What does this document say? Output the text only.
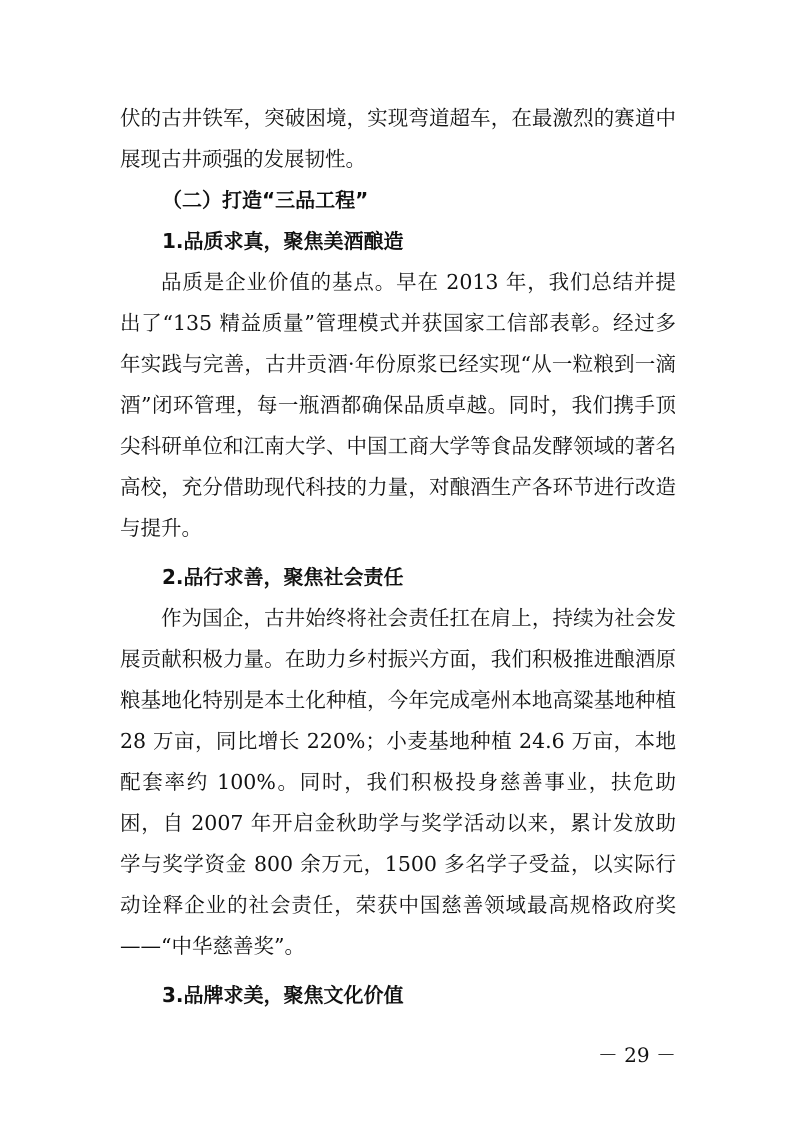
伏的古井铁军，突破困境，实现弯道超车，在最激烈的赛道中展现古井顽强的发展韧性。

（二）打造“三品工程”

1.品质求真，聚焦美酒酿造

品质是企业价值的基点。早在 2013 年，我们总结并提出了“135 精益质量”管理模式并获国家工信部表彰。经过多年实践与完善，古井贡酒·年份原浆已经实现“从一粒粮到一滴酒”闭环管理，每一瓶酒都确保品质卓越。同时，我们携手顶尖科研单位和江南大学、中国工商大学等食品发酵领域的著名高校，充分借助现代科技的力量，对酿酒生产各环节进行改造与提升。

2.品行求善，聚焦社会责任

作为国企，古井始终将社会责任扛在肩上，持续为社会发展贡献积极力量。在助力乡村振兴方面，我们积极推进酿酒原粮基地化特别是本土化种植，今年完成亳州本地高粱基地种植 28 万亩，同比增长 220%；小麦基地种植 24.6 万亩，本地配套率约 100%。同时，我们积极投身慈善事业，扶危助困，自 2007 年开启金秋助学与奖学活动以来，累计发放助学与奖学资金 800 余万元，1500 多名学子受益，以实际行动诠释企业的社会责任，荣获中国慈善领域最高规格政府奖——“中华慈善奖”。

3.品牌求美，聚焦文化价值

－ 29 －
